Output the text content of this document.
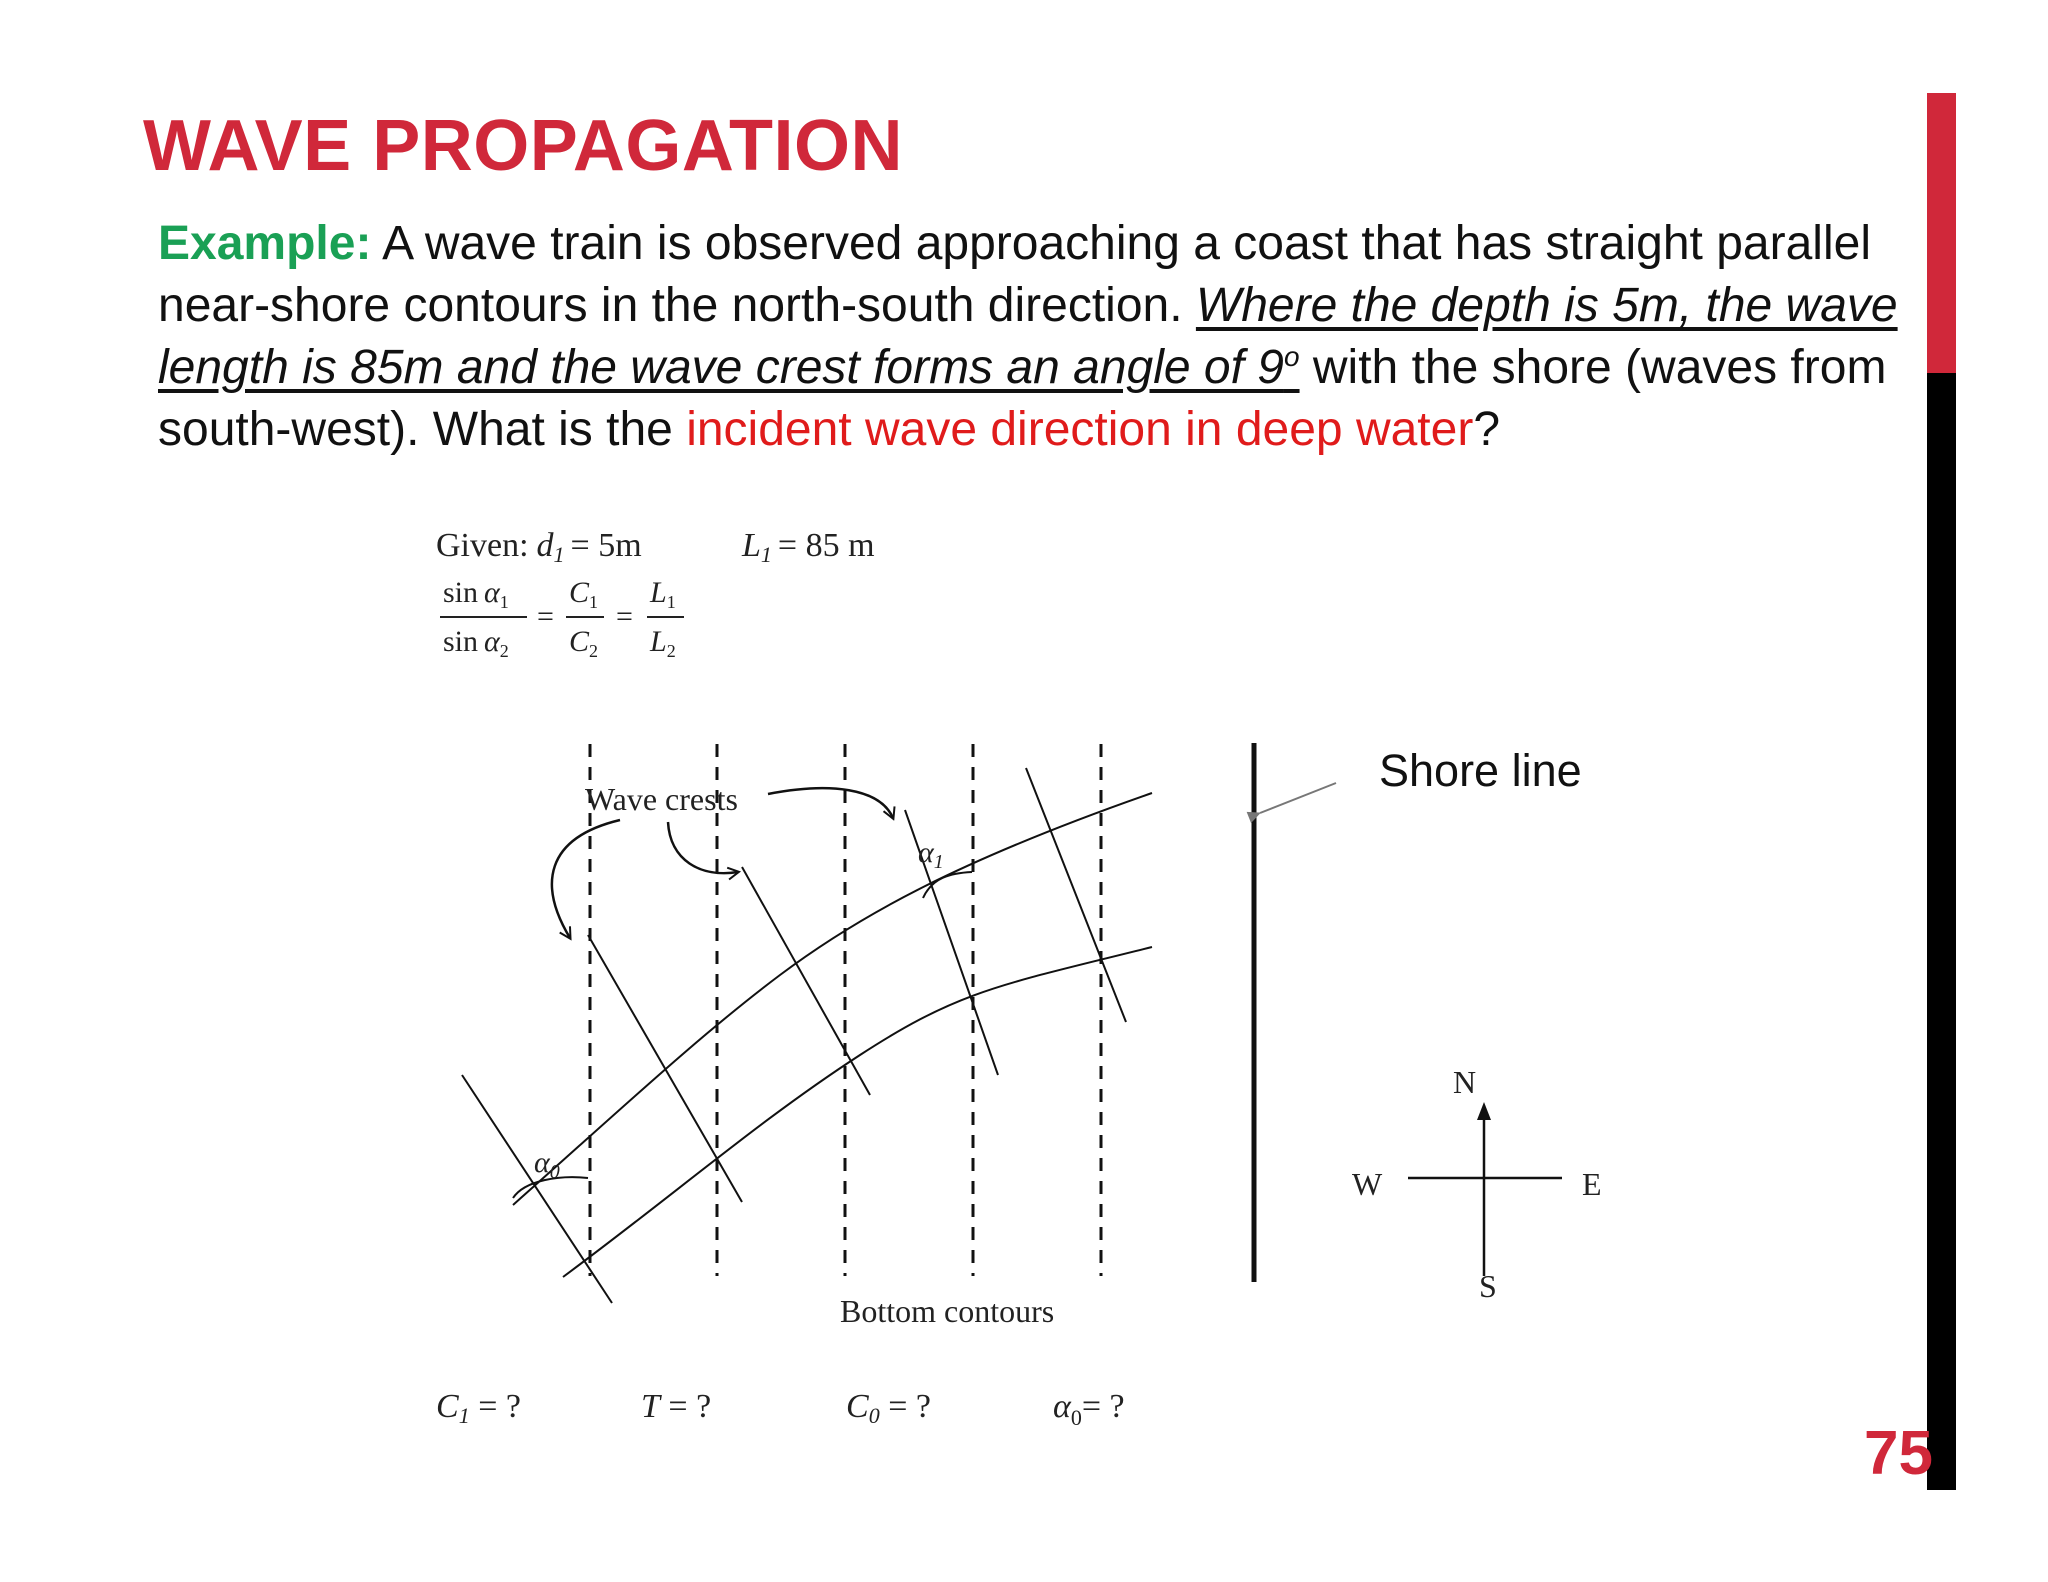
WAVE PROPAGATION
Example: A wave train is observed approaching a coast that has straight parallel near-shore contours in the north-south direction. Where the depth is 5m, the wave length is 85m and the wave crest forms an angle of 9$^o$ with the shore (waves from south-west). What is the incident wave direction in deep water?
Given: d1 = 5m	L1 = 85 m
$\sin \alpha_1$
$\sin \alpha_2$
=
$C_1$
$C_2$
=
$L_1$
$L_2$
$\alpha_1$
$\alpha_0$
Wave crests
Bottom contours
Shore line
N
S
W	E
C1 = ?	T = ?	C0 = ?	$\alpha_0=$ ?
75
